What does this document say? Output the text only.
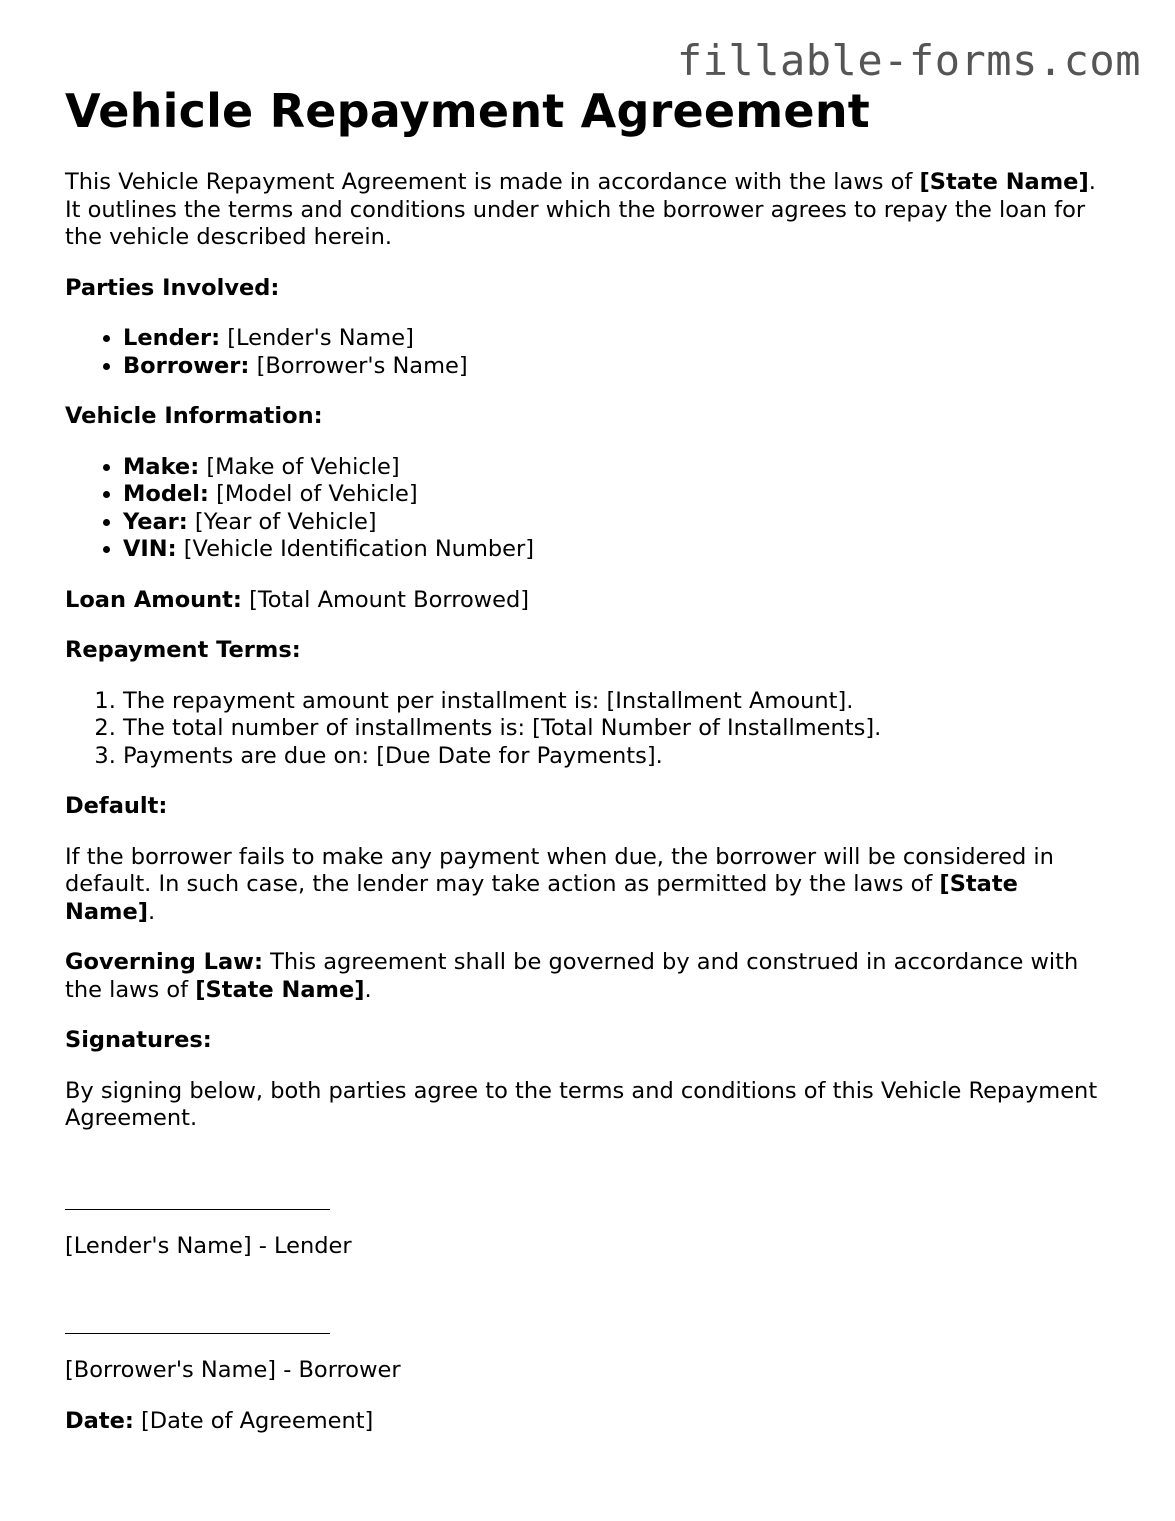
fillable-forms.com
Vehicle Repayment Agreement

This Vehicle Repayment Agreement is made in accordance with the laws of [State Name]. It outlines the terms and conditions under which the borrower agrees to repay the loan for the vehicle described herein.

Parties Involved:

• Lender: [Lender's Name]
• Borrower: [Borrower's Name]

Vehicle Information:

• Make: [Make of Vehicle]
• Model: [Model of Vehicle]
• Year: [Year of Vehicle]
• VIN: [Vehicle Identification Number]

Loan Amount: [Total Amount Borrowed]

Repayment Terms:

1. The repayment amount per installment is: [Installment Amount].
2. The total number of installments is: [Total Number of Installments].
3. Payments are due on: [Due Date for Payments].

Default:

If the borrower fails to make any payment when due, the borrower will be considered in default. In such case, the lender may take action as permitted by the laws of [State Name].

Governing Law: This agreement shall be governed by and construed in accordance with the laws of [State Name].

Signatures:

By signing below, both parties agree to the terms and conditions of this Vehicle Repayment Agreement.

[Lender's Name] - Lender

[Borrower's Name] - Borrower

Date: [Date of Agreement]
